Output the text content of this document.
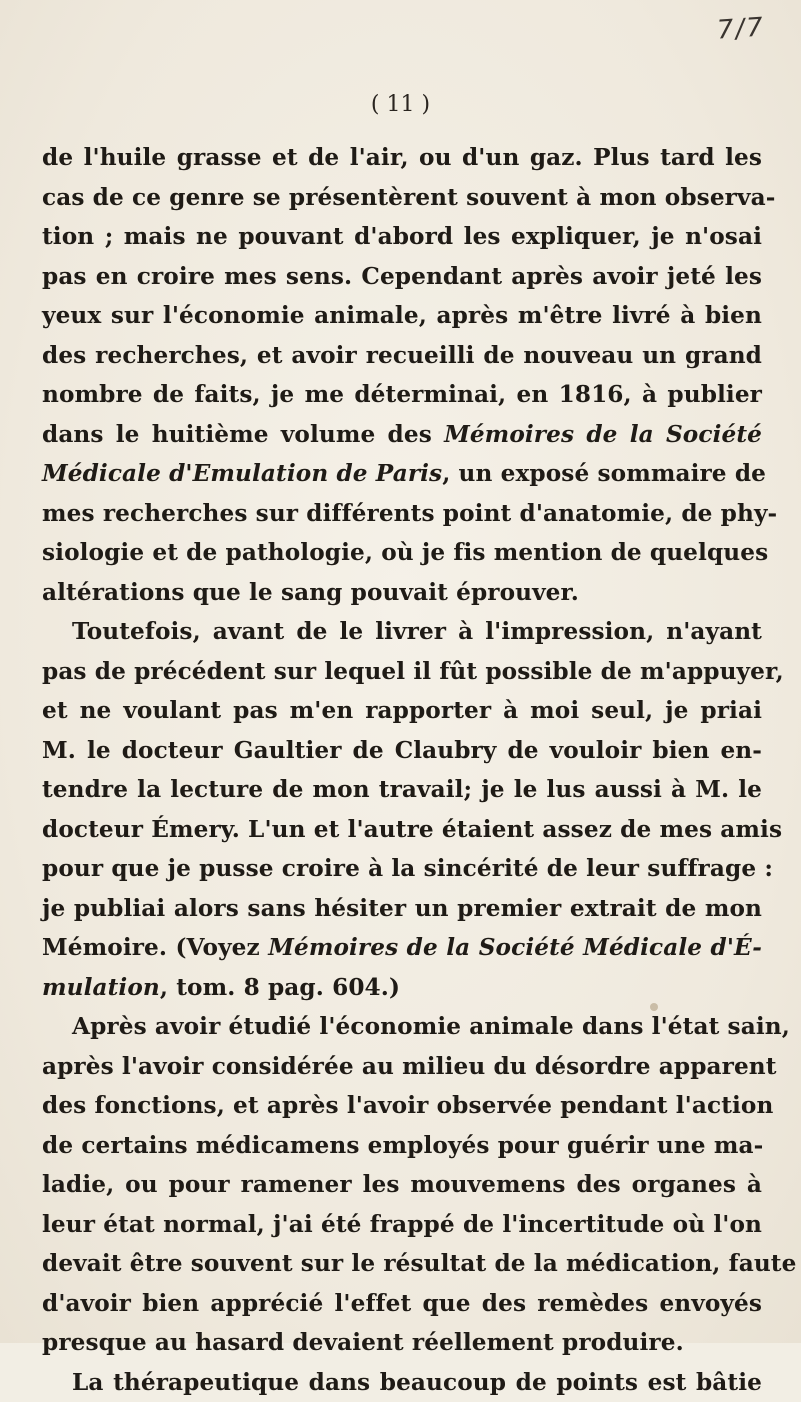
7/7
( 11 )
de l'huile grasse et de l'air, ou d'un gaz. Plus tard les
cas de ce genre se présentèrent souvent à mon observa-
tion ; mais ne pouvant d'abord les expliquer, je n'osai
pas en croire mes sens. Cependant après avoir jeté les
yeux sur l'économie animale, après m'être livré à bien
des recherches, et avoir recueilli de nouveau un grand
nombre de faits, je me déterminai, en 1816, à publier
dans le huitième volume des Mémoires de la Société
Médicale d'Emulation de Paris, un exposé sommaire de
mes recherches sur différents point d'anatomie, de phy-
siologie et de pathologie, où je fis mention de quelques
altérations que le sang pouvait éprouver.
Toutefois, avant de le livrer à l'impression, n'ayant
pas de précédent sur lequel il fût possible de m'appuyer,
et ne voulant pas m'en rapporter à moi seul, je priai
M. le docteur Gaultier de Claubry de vouloir bien en-
tendre la lecture de mon travail; je le lus aussi à M. le
docteur Émery. L'un et l'autre étaient assez de mes amis
pour que je pusse croire à la sincérité de leur suffrage :
je publiai alors sans hésiter un premier extrait de mon
Mémoire. (Voyez Mémoires de la Société Médicale d'É-
mulation, tom. 8 pag. 604.)
Après avoir étudié l'économie animale dans l'état sain,
après l'avoir considérée au milieu du désordre apparent
des fonctions, et après l'avoir observée pendant l'action
de certains médicamens employés pour guérir une ma-
ladie, ou pour ramener les mouvemens des organes à
leur état normal, j'ai été frappé de l'incertitude où l'on
devait être souvent sur le résultat de la médication, faute
d'avoir bien apprécié l'effet que des remèdes envoyés
presque au hasard devaient réellement produire.
La thérapeutique dans beaucoup de points est bâtie
